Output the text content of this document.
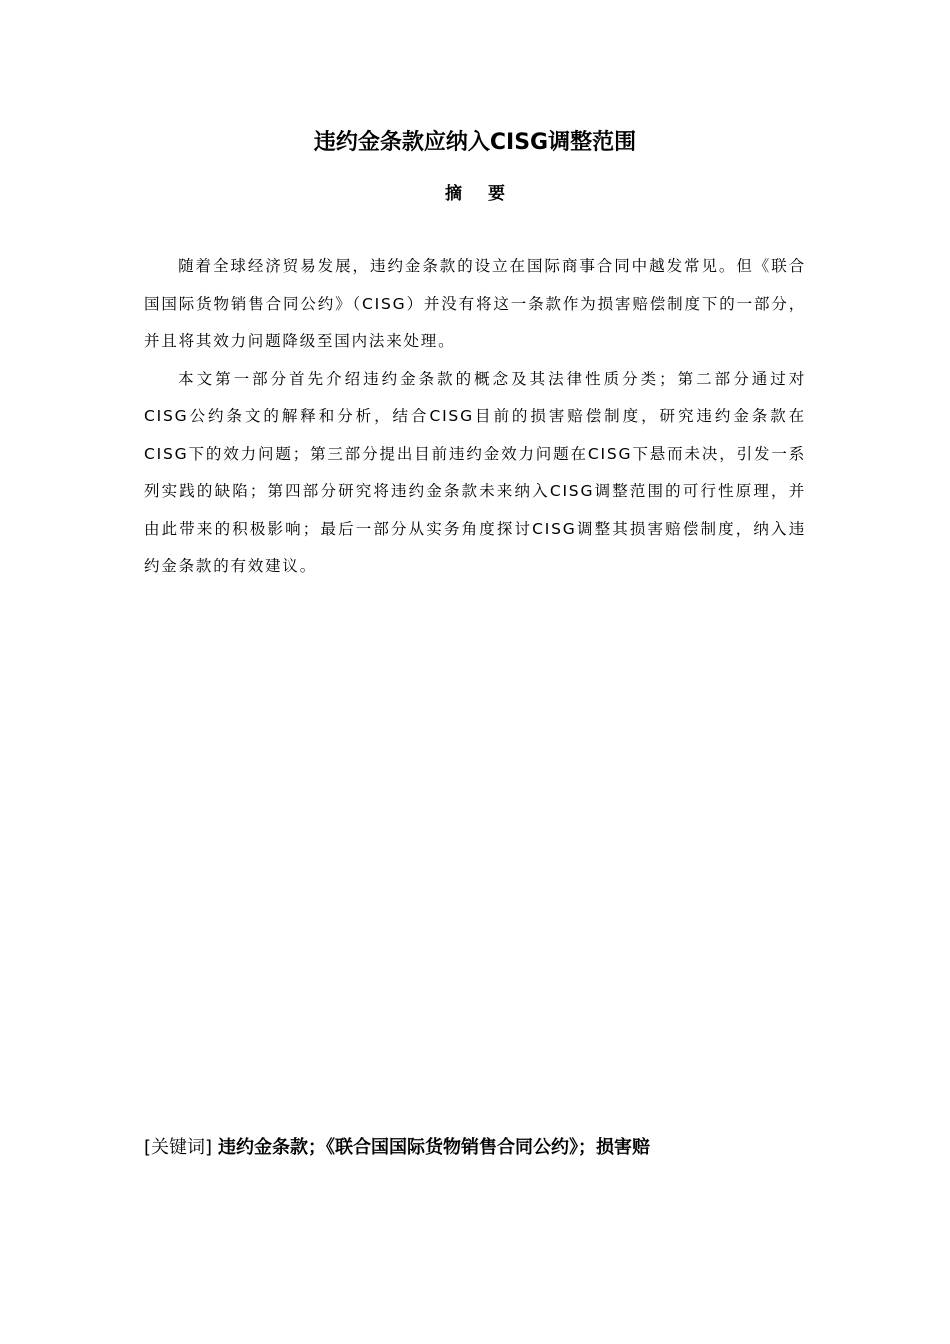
违约金条款应纳入CISG调整范围
摘要

随着全球经济贸易发展，违约金条款的设立在国际商事合同中越发常见。但《联合国国际货物销售合同公约》（CISG）并没有将这一条款作为损害赔偿制度下的一部分，并且将其效力问题降级至国内法来处理。

本文第一部分首先介绍违约金条款的概念及其法律性质分类；第二部分通过对CISG公约条文的解释和分析，结合CISG目前的损害赔偿制度，研究违约金条款在CISG下的效力问题；第三部分提出目前违约金效力问题在CISG下悬而未决，引发一系列实践的缺陷；第四部分研究将违约金条款未来纳入CISG调整范围的可行性原理，并由此带来的积极影响；最后一部分从实务角度探讨CISG调整其损害赔偿制度，纳入违约金条款的有效建议。

[关键词] 违约金条款；《联合国国际货物销售合同公约》；损害赔
